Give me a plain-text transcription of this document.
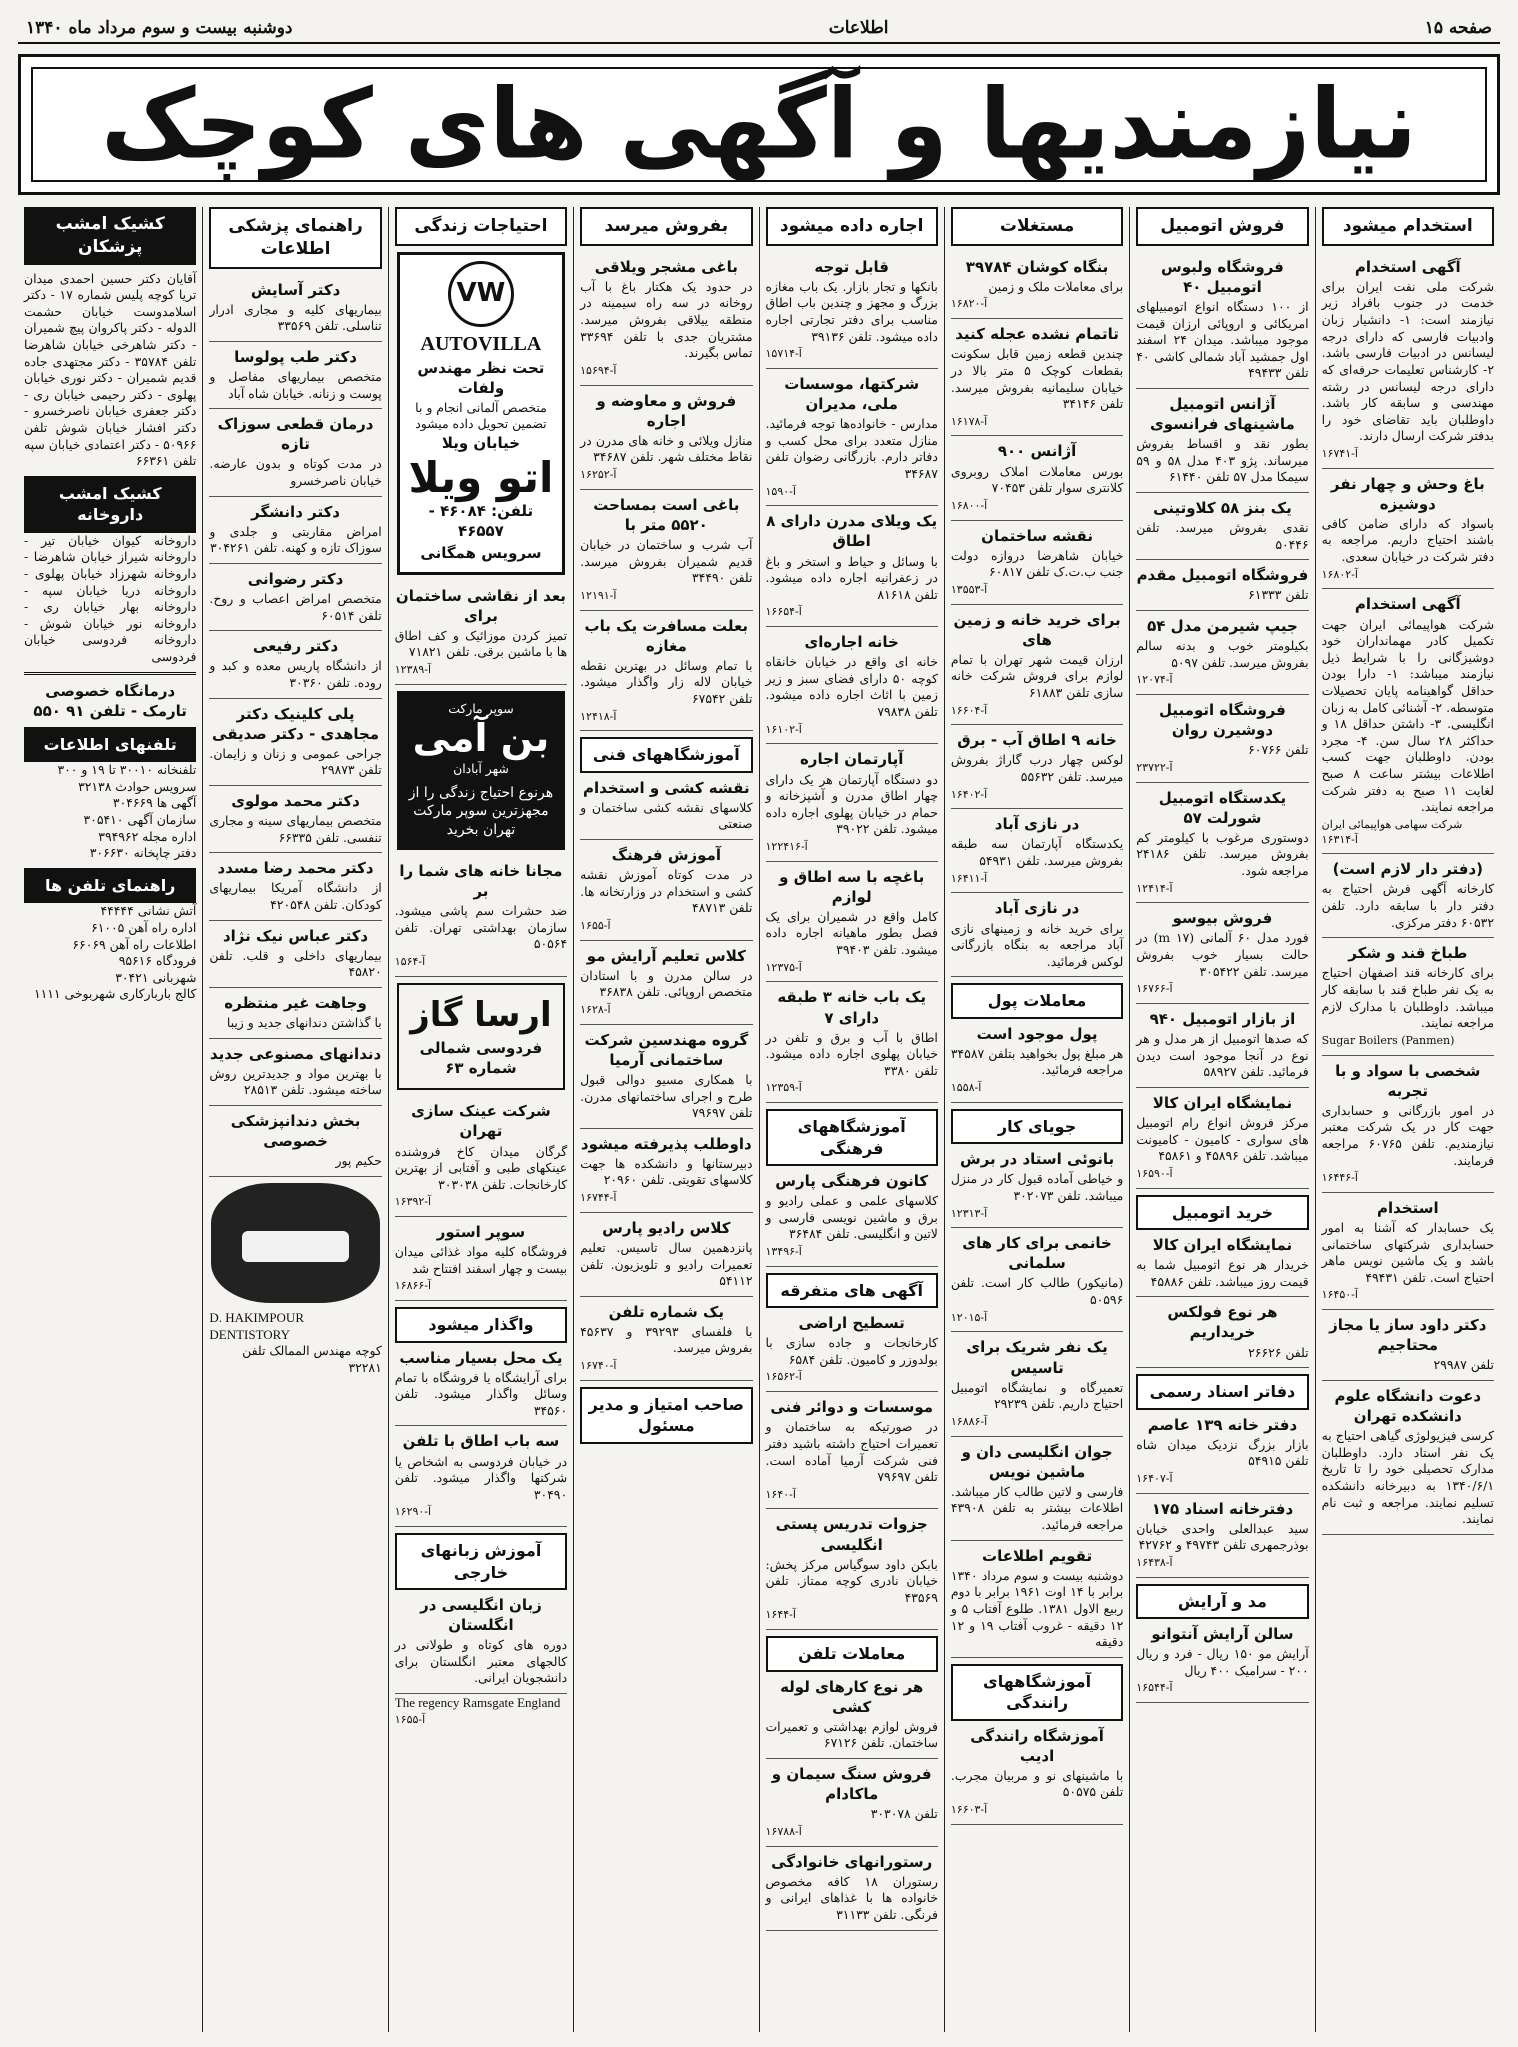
صفحه ۱۵
اطلاعات
دوشنبه بیست و سوم مرداد ماه ۱۳۴۰
نیازمندیها و آگهی های کوچک
استخدام میشود
آگهی استخدام
شرکت ملی نفت ایران برای خدمت در جنوب بافراد زیر نیازمند است: ۱- دانشیار زبان وادبیات فارسی که دارای درجه لیسانس در ادبیات فارسی باشد. ۲- کارشناس تعلیمات حرفه‌ای که دارای درجه لیسانس در رشته مهندسی و سابقه کار باشد. داوطلبان باید تقاضای خود را بدفتر شرکت ارسال دارند.
آ-۱۶۷۴۱
باغ وحش و چهار نفر دوشیزه
باسواد که دارای ضامن کافی باشند احتیاج داریم. مراجعه به دفتر شرکت در خیابان سعدی.
آ-۱۶۸۰۲
آگهی استخدام
شرکت هواپیمائی ایران جهت تکمیل کادر مهمانداران خود دوشیزگانی را با شرایط ذیل نیازمند میباشد: ۱- دارا بودن حداقل گواهینامه پایان تحصیلات متوسطه. ۲- آشنائی کامل به زبان انگلیسی. ۳- داشتن حداقل ۱۸ و حداکثر ۲۸ سال سن. ۴- مجرد بودن. داوطلبان جهت کسب اطلاعات بیشتر ساعت ۸ صبح لغایت ۱۱ صبح به دفتر شرکت مراجعه نمایند.
شرکت سهامی هواپیمائی ایران آ-۱۶۳۱۴
(دفتر دار لازم است)
کارخانه آگهی فرش احتیاج به دفتر دار با سابقه دارد. تلفن ۶۰۵۳۲ دفتر مرکزی.
طباخ قند و شکر
برای کارخانه قند اصفهان احتیاج به یک نفر طباخ قند با سابقه کار میباشد. داوطلبان با مدارک لازم مراجعه نمایند.
Sugar Boilers (Panmen)
شخصی با سواد و با تجربه
در امور بازرگانی و حسابداری جهت کار در یک شرکت معتبر نیازمندیم. تلفن ۶۰۷۶۵ مراجعه فرمایند.
آ-۱۶۴۴۶
استخدام
یک حسابدار که آشنا به امور حسابداری شرکتهای ساختمانی باشد و یک ماشین نویس ماهر احتیاج است. تلفن ۴۹۴۳۱
آ-۱۶۴۵۰
دکتر داود ساز یا مجاز محتاجیم
تلفن ۲۹۹۸۷
دعوت دانشگاه علوم دانشکده تهران
کرسی فیزیولوژی گیاهی احتیاج به یک نفر استاد دارد. داوطلبان مدارک تحصیلی خود را تا تاریخ ۱۳۴۰/۶/۱ به دبیرخانه دانشکده تسلیم نمایند. مراجعه و ثبت نام نمایند.
فروش اتومبیل
فروشگاه ولبوس اتومبیل ۴۰
از ۱۰۰ دستگاه انواع اتومبیلهای امریکائی و اروپائی ارزان قیمت موجود میباشد. میدان ۲۴ اسفند اول جمشید آباد شمالی کاشی ۴۰ تلفن ۴۹۴۳۳
آژانس اتومبیل ماشینهای فرانسوی
بطور نقد و اقساط بفروش میرساند. پژو ۴۰۳ مدل ۵۸ و ۵۹ سیمکا مدل ۵۷ تلفن ۶۱۴۴۰
یک بنز ۵۸ کلاوتینی
نقدی بفروش میرسد. تلفن ۵۰۴۴۶
فروشگاه اتومبیل مقدم
تلفن ۶۱۳۳۳
جیپ شیرمن مدل ۵۴
بکیلومتر خوب و بدنه سالم بفروش میرسد. تلفن ۵۰۹۷
آ-۱۲۰۷۴
فروشگاه اتومبیل دوشیرن روان
تلفن ۶۰۷۶۶
آ-۲۳۷۲۲
یکدستگاه اتومبیل شورلت ۵۷
دوستوری مرغوب با کیلومتر کم بفروش میرسد. تلفن ۲۴۱۸۶ مراجعه شود.
آ-۱۲۴۱۴
فروش بیوسو
فورد مدل ۶۰ آلمانی (m ۱۷) در حالت بسیار خوب بفروش میرسد. تلفن ۳۰۵۴۲۲
آ-۱۶۷۶۶
از بازار اتومبیل ۹۴۰
که صدها اتومبیل از هر مدل و هر نوع در آنجا موجود است دیدن فرمائید. تلفن ۵۸۹۲۷
نمایشگاه ایران کالا
مرکز فروش انواع رام اتومبیل های سواری - کامیون - کامیونت میباشد. تلفن ۴۵۸۹۶ و ۴۵۸۶۱
آ-۱۶۵۹۰
خرید اتومبیل
نمایشگاه ایران کالا
خریدار هر نوع اتومبیل شما به قیمت روز میباشد. تلفن ۴۵۸۸۶
هر نوع فولکس خریداریم
تلفن ۲۶۶۲۶
دفاتر اسناد رسمی
دفتر خانه ۱۳۹ عاصم
بازار بزرگ نزدیک میدان شاه تلفن ۵۴۹۱۵
آ-۱۶۴۰۷
دفترخانه اسناد ۱۷۵
سید عبدالعلی واحدی خیابان بوذرجمهری تلفن ۴۹۷۴۳ و ۴۲۷۶۲
آ-۱۶۴۳۸
مد و آرایش
سالن آرایش آنتوانو
آرایش مو ۱۵۰ ریال - فرد و ریال ۲۰۰ - سرامیک ۴۰۰ ریال
آ-۱۶۵۴۴
مستغلات
بنگاه کوشان ۳۹۷۸۴
برای معاملات ملک و زمین
آ-۱۶۸۲۰
تاتمام نشده عجله کنید
چندین قطعه زمین قابل سکونت بقطعات کوچک ۵ متر بالا در خیابان سلیمانیه بفروش میرسد. تلفن ۳۴۱۴۶
آ-۱۶۱۷۸
آژانس ۹۰۰
بورس معاملات املاک روبروی کلانتری سوار تلفن ۷۰۴۵۳
آ-۱۶۸۰۰
نقشه ساختمان
خیابان شاهرضا دروازه دولت جنب ب.ت.ک تلفن ۶۰۸۱۷
آ-۱۳۵۵۳
برای خرید خانه و زمین های
ارزان قیمت شهر تهران با تمام لوازم برای فروش شرکت خانه سازی تلفن ۶۱۸۸۳
آ-۱۶۶۰۴
خانه ۹ اطاق آب - برق
لوکس چهار درب گاراژ بفروش میرسد. تلفن ۵۵۶۳۲
آ-۱۶۴۰۲
در نازی آباد
یکدستگاه آپارتمان سه طبقه بفروش میرسد. تلفن ۵۴۹۳۱
آ-۱۶۴۱۱
در نازی آباد
برای خرید خانه و زمینهای نازی آباد مراجعه به بنگاه بازرگانی لوکس فرمائید.
معاملات پول
پول موجود است
هر مبلغ پول بخواهید بتلفن ۳۴۵۸۷ مراجعه فرمائید.
آ-۱۵۵۸
جویای کار
بانوئی استاد در برش
و خیاطی آماده قبول کار در منزل میباشد. تلفن ۳۰۲۰۷۳
آ-۱۲۳۱۳
خانمی برای کار های سلمانی
(مانیکور) طالب کار است. تلفن ۵۰۵۹۶
آ-۱۲۰۱۵
یک نفر شریک برای تاسیس
تعمیرگاه و نمایشگاه اتومبیل احتیاج داریم. تلفن ۲۹۲۳۹
آ-۱۶۸۸۶
جوان انگلیسی دان و ماشین نویس
فارسی و لاتین طالب کار میباشد. اطلاعات بیشتر به تلفن ۴۳۹۰۸ مراجعه فرمائید.
تقویم اطلاعات
دوشنبه بیست و سوم مرداد ۱۳۴۰ برابر با ۱۴ اوت ۱۹۶۱ برابر با دوم ربیع الاول ۱۳۸۱. طلوع آفتاب ۵ و ۱۲ دقیقه - غروب آفتاب ۱۹ و ۱۲ دقیقه
آموزشگاههای رانندگی
آموزشگاه رانندگی ادیب
با ماشینهای نو و مربیان مجرب. تلفن ۵۰۵۷۵
آ-۱۶۶۰۳
اجاره داده میشود
قابل توجه
بانکها و تجار بازار. یک باب مغازه بزرگ و مجهز و چندین باب اطاق مناسب برای دفتر تجارتی اجاره داده میشود. تلفن ۳۹۱۳۶
آ-۱۵۷۱۴
شرکتها، موسسات ملی، مدیران
مدارس - خانواده‌ها توجه فرمائید. منازل متعدد برای محل کسب و دفاتر دارم. بازرگانی رضوان تلفن ۳۴۶۸۷
آ-۱۵۹۰
یک ویلای مدرن دارای ۸ اطاق
با وسائل و حیاط و استخر و باغ در زعفرانیه اجاره داده میشود. تلفن ۸۱۶۱۸
آ-۱۶۶۵۴
خانه اجاره‌ای
خانه ای واقع در خیابان خانقاه کوچه ۵۰ دارای فضای سبز و زیر زمین با اثاث اجاره داده میشود. تلفن ۷۹۸۳۸
آ-۱۶۱۰۲
آپارتمان اجاره
دو دستگاه آپارتمان هر یک دارای چهار اطاق مدرن و آشپزخانه و حمام در خیابان پهلوی اجاره داده میشود. تلفن ۳۹۰۲۲
آ-۱۲۲۴۱۶
باغچه با سه اطاق و لوازم
کامل واقع در شمیران برای یک فصل بطور ماهیانه اجاره داده میشود. تلفن ۳۹۴۰۳
آ-۱۲۳۷۵
یک باب خانه ۳ طبقه دارای ۷
اطاق با آب و برق و تلفن در خیابان پهلوی اجاره داده میشود. تلفن ۳۳۸۰
آ-۱۲۳۵۹
آموزشگاههای فرهنگی
کانون فرهنگی پارس
کلاسهای علمی و عملی رادیو و برق و ماشین نویسی فارسی و لاتین و انگلیسی. تلفن ۳۶۴۸۴
آ-۱۳۴۹۶
آگهی های متفرقه
تسطیح اراضی
کارخانجات و جاده سازی با بولدوزر و کامیون. تلفن ۶۵۸۴
آ-۱۶۵۶۲
موسسات و دوائر فنی
در صورتیکه به ساختمان و تعمیرات احتیاج داشته باشید دفتر فنی شرکت آرمیا آماده است. تلفن ۷۹۶۹۷
آ-۱۶۴۰
جزوات تدریس پستی انگلیسی
بابکن داود سوگیاس مرکز پخش: خیابان نادری کوچه ممتاز. تلفن ۴۳۵۶۹
آ-۱۶۴۴
معاملات تلفن
هر نوع کارهای لوله کشی
فروش لوازم بهداشتی و تعمیرات ساختمان. تلفن ۶۷۱۲۶
فروش سنگ سیمان و ماکادام
تلفن ۳۰۳۰۷۸
آ-۱۶۷۸۸
رستورانهای خانوادگی
رستوران ۱۸ کافه مخصوص خانواده ها با غذاهای ایرانی و فرنگی. تلفن ۳۱۱۳۳
بفروش میرسد
باغی مشجر ویلاقی
در حدود یک هکتار باغ با آب روخانه در سه راه سیمینه در منطقه ییلاقی بفروش میرسد. مشتریان جدی با تلفن ۳۳۶۹۴ تماس بگیرند.
آ-۱۵۶۹۴
فروش و معاوضه و اجاره
منازل ویلائی و خانه های مدرن در نقاط مختلف شهر. تلفن ۳۴۶۸۷
آ-۱۶۲۵۲
باغی است بمساحت ۵۵۲۰ متر با
آب شرب و ساختمان در خیابان قدیم شمیران بفروش میرسد. تلفن ۳۴۴۹۰
آ-۱۲۱۹۱
بعلت مسافرت یک باب مغازه
با تمام وسائل در بهترین نقطه خیابان لاله زار واگذار میشود. تلفن ۶۷۵۴۲
آ-۱۲۴۱۸
آموزشگاههای فنی
نقشه کشی و استخدام
کلاسهای نقشه کشی ساختمان و صنعتی
آموزش فرهنگ
در مدت کوتاه آموزش نقشه کشی و استخدام در وزارتخانه ها. تلفن ۴۸۷۱۳
آ-۱۶۵۵
کلاس تعلیم آرایش مو
در سالن مدرن و با استادان متخصص اروپائی. تلفن ۳۶۸۳۸
آ-۱۶۲۸
گروه مهندسین شرکت ساختمانی آرمیا
با همکاری مسیو دوالی قبول طرح و اجرای ساختمانهای مدرن. تلفن ۷۹۶۹۷
داوطلب پذیرفته میشود
دبیرستانها و دانشکده ها جهت کلاسهای تقویتی. تلفن ۲۰۹۶۰
آ-۱۶۷۴۴
کلاس رادیو پارس
پانزدهمین سال تاسیس. تعلیم تعمیرات رادیو و تلویزیون. تلفن ۵۴۱۱۲
یک شماره تلفن
با فلفسای ۳۹۲۹۳ و ۴۵۶۳۷ بفروش میرسد.
آ-۱۶۷۴۰
صاحب امتیاز و مدیر مسئول
احتیاجات زندگی
VW
AUTOVILLA
تحت نظر مهندس ولفات
متخصص آلمانی انجام و با تضمین تحویل داده میشود
خیابان ویلا
اتو ویلا
تلفن: ۴۶۰۸۴ - ۴۶۵۵۷
سرویس همگانی
بعد از نقاشی ساختمان برای
تمیز کردن موزائیک و کف اطاق ها با ماشین برقی. تلفن ۷۱۸۲۱
آ-۱۲۳۸۹
سوپر مارکت
بن آمی
شهر آبادان
هرنوع احتیاج زندگی را از مجهزترین سوپر مارکت تهران بخرید
مجانا خانه های شما را بر
ضد حشرات سم پاشی میشود. سازمان بهداشتی تهران. تلفن ۵۰۵۶۴
آ-۱۵۶۴
ارسا گاز
فردوسی شمالی شماره ۶۳
شرکت عینک سازی تهران
گرگان میدان کاخ فروشنده عینکهای طبی و آفتابی از بهترین کارخانجات. تلفن ۳۰۳۰۳۸
آ-۱۶۳۹۲
سوپر استور
فروشگاه کلیه مواد غذائی میدان بیست و چهار اسفند افتتاح شد
آ-۱۶۸۶۶
واگذار میشود
یک محل بسیار مناسب
برای آرایشگاه یا فروشگاه با تمام وسائل واگذار میشود. تلفن ۳۴۵۶۰
سه باب اطاق با تلفن
در خیابان فردوسی به اشخاص یا شرکتها واگذار میشود. تلفن ۳۰۴۹۰
آ-۱۶۲۹۰
آموزش زبانهای خارجی
زبان انگلیسی در انگلستان
دوره های کوتاه و طولانی در کالجهای معتبر انگلستان برای دانشجویان ایرانی.
The regency Ramsgate England
آ-۱۶۵۵
راهنمای پزشکی اطلاعات
دکتر آسایش
بیماریهای کلیه و مجاری ادرار تناسلی. تلفن ۳۳۵۶۹
دکتر طب پولوسا
متخصص بیماریهای مفاصل و پوست و زنانه. خیابان شاه آباد
درمان قطعی سوزاک تازه
در مدت کوتاه و بدون عارضه. خیابان ناصرخسرو
دکتر دانشگر
امراض مقاربتی و جلدی و سوزاک تازه و کهنه. تلفن ۳۰۴۲۶۱
دکتر رضوانی
متخصص امراض اعصاب و روح. تلفن ۶۰۵۱۴
دکتر رفیعی
از دانشگاه پاریس معده و کبد و روده. تلفن ۳۰۳۶۰
پلی کلینیک دکتر مجاهدی - دکتر صدیقی
جراحی عمومی و زنان و زایمان. تلفن ۲۹۸۷۳
دکتر محمد مولوی
متخصص بیماریهای سینه و مجاری تنفسی. تلفن ۶۶۳۳۵
دکتر محمد رضا مسدد
از دانشگاه آمریکا بیماریهای کودکان. تلفن ۴۲۰۵۴۸
دکتر عباس نیک نژاد
بیماریهای داخلی و قلب. تلفن ۴۵۸۲۰
وجاهت غیر منتظره
با گذاشتن دندانهای جدید و زیبا
دندانهای مصنوعی جدید
با بهترین مواد و جدیدترین روش ساخته میشود. تلفن ۲۸۵۱۳
بخش دندانپزشکی خصوصی
حکیم پور
D. HAKIMPOUR DENTISTORY
کوچه مهندس الممالک تلفن ۳۲۲۸۱
کشیک امشب پزشکان
آقایان دکتر حسین احمدی میدان تریا کوچه پلیس شماره ۱۷ - دکتر اسلامدوست خیابان حشمت الدوله - دکتر پاکروان پیچ شمیران - دکتر شاهرخی خیابان شاهرضا تلفن ۳۵۷۸۴ - دکتر مجتهدی جاده قدیم شمیران - دکتر نوری خیابان پهلوی - دکتر رحیمی خیابان ری - دکتر جعفری خیابان ناصرخسرو - دکتر افشار خیابان شوش تلفن ۵۰۹۶۶ - دکتر اعتمادی خیابان سپه تلفن ۶۶۳۶۱
کشیک امشب داروخانه
داروخانه کیوان خیابان تیر - داروخانه شیراز خیابان شاهرضا - داروخانه شهرزاد خیابان پهلوی - داروخانه دریا خیابان سپه - داروخانه بهار خیابان ری - داروخانه نور خیابان شوش - داروخانه فردوسی خیابان فردوسی
درمانگاه خصوصی تارمک - تلفن ۹۱ ۵۵۰
تلفنهای اطلاعات
تلفنخانه ۳۰۰۱۰ تا ۱۹ و ۳۰۰
سرویس حوادث ۳۲۱۳۸
آگهی ها ۳۰۴۶۶۹
سازمان آگهی ۳۰۵۴۱۰
اداره مجله ۳۹۴۹۶۲
دفتر چاپخانه ۳۰۶۶۳۰
راهنمای تلفن ها
آتش نشانی ۴۴۴۴۴
اداره راه آهن ۶۱۰۰۵
اطلاعات راه آهن ۶۶۰۶۹
فرودگاه ۹۵۶۱۶
شهربانی ۳۰۴۲۱
کالج باربارکاری شهربوخی ۱۱۱۱
